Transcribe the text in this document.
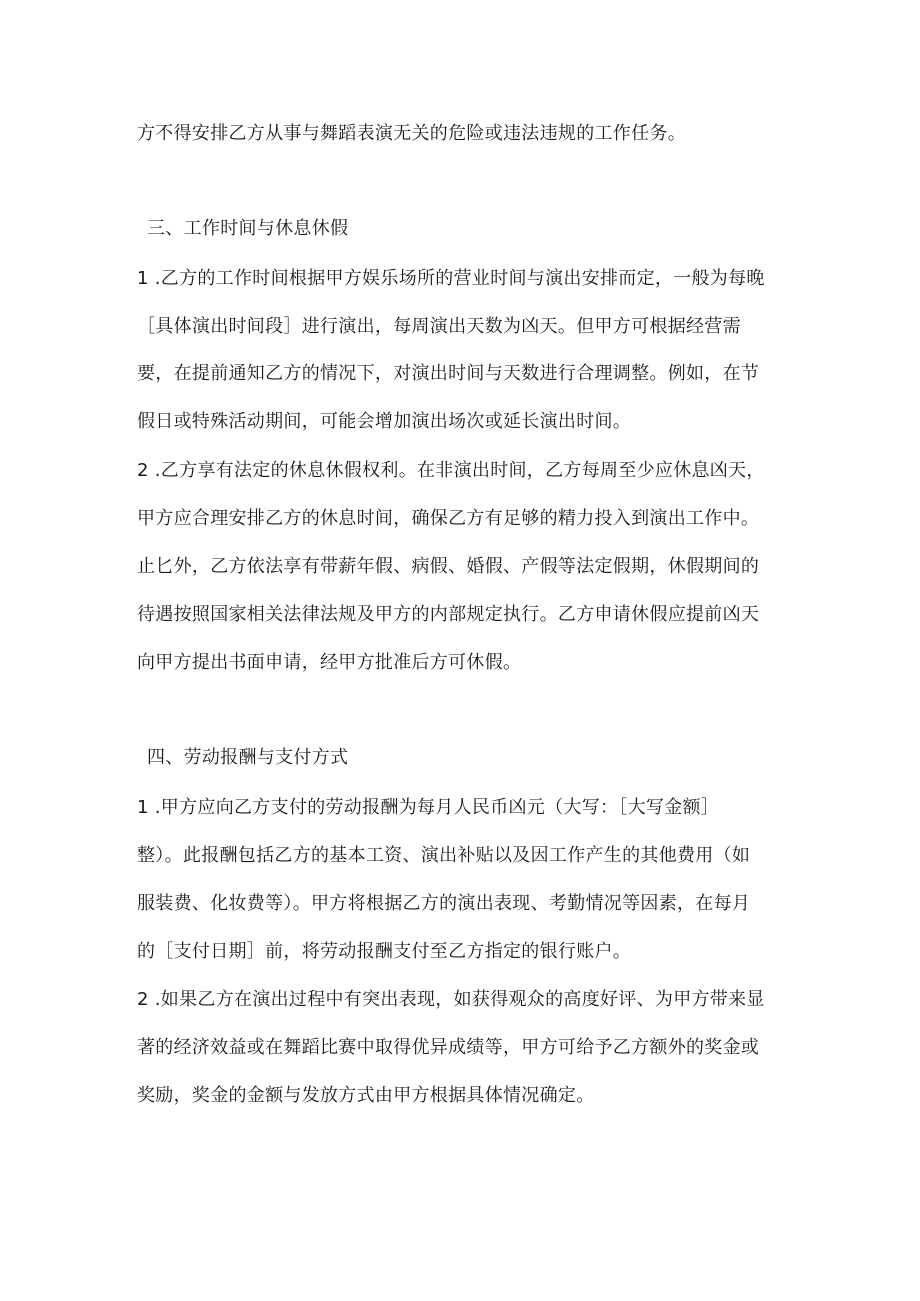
方不得安排乙方从事与舞蹈表演无关的危险或违法违规的工作任务。
三、工作时间与休息休假
1 .乙方的工作时间根据甲方娱乐场所的营业时间与演出安排而定，一般为每晚
［具体演出时间段］进行演出，每周演出天数为凶天。但甲方可根据经营需
要，在提前通知乙方的情况下，对演出时间与天数进行合理调整。例如，在节
假日或特殊活动期间，可能会增加演出场次或延长演出时间。
2 .乙方享有法定的休息休假权利。在非演出时间，乙方每周至少应休息凶天，
甲方应合理安排乙方的休息时间，确保乙方有足够的精力投入到演出工作中。
止匕外，乙方依法享有带薪年假、病假、婚假、产假等法定假期，休假期间的
待遇按照国家相关法律法规及甲方的内部规定执行。乙方申请休假应提前凶天
向甲方提出书面申请，经甲方批准后方可休假。
四、劳动报酬与支付方式
1 .甲方应向乙方支付的劳动报酬为每月人民币凶元（大写：［大写金额］
整）。此报酬包括乙方的基本工资、演出补贴以及因工作产生的其他费用（如
服装费、化妆费等）。甲方将根据乙方的演出表现、考勤情况等因素，在每月
的［支付日期］前，将劳动报酬支付至乙方指定的银行账户。
2 .如果乙方在演出过程中有突出表现，如获得观众的高度好评、为甲方带来显
著的经济效益或在舞蹈比赛中取得优异成绩等，甲方可给予乙方额外的奖金或
奖励，奖金的金额与发放方式由甲方根据具体情况确定。
